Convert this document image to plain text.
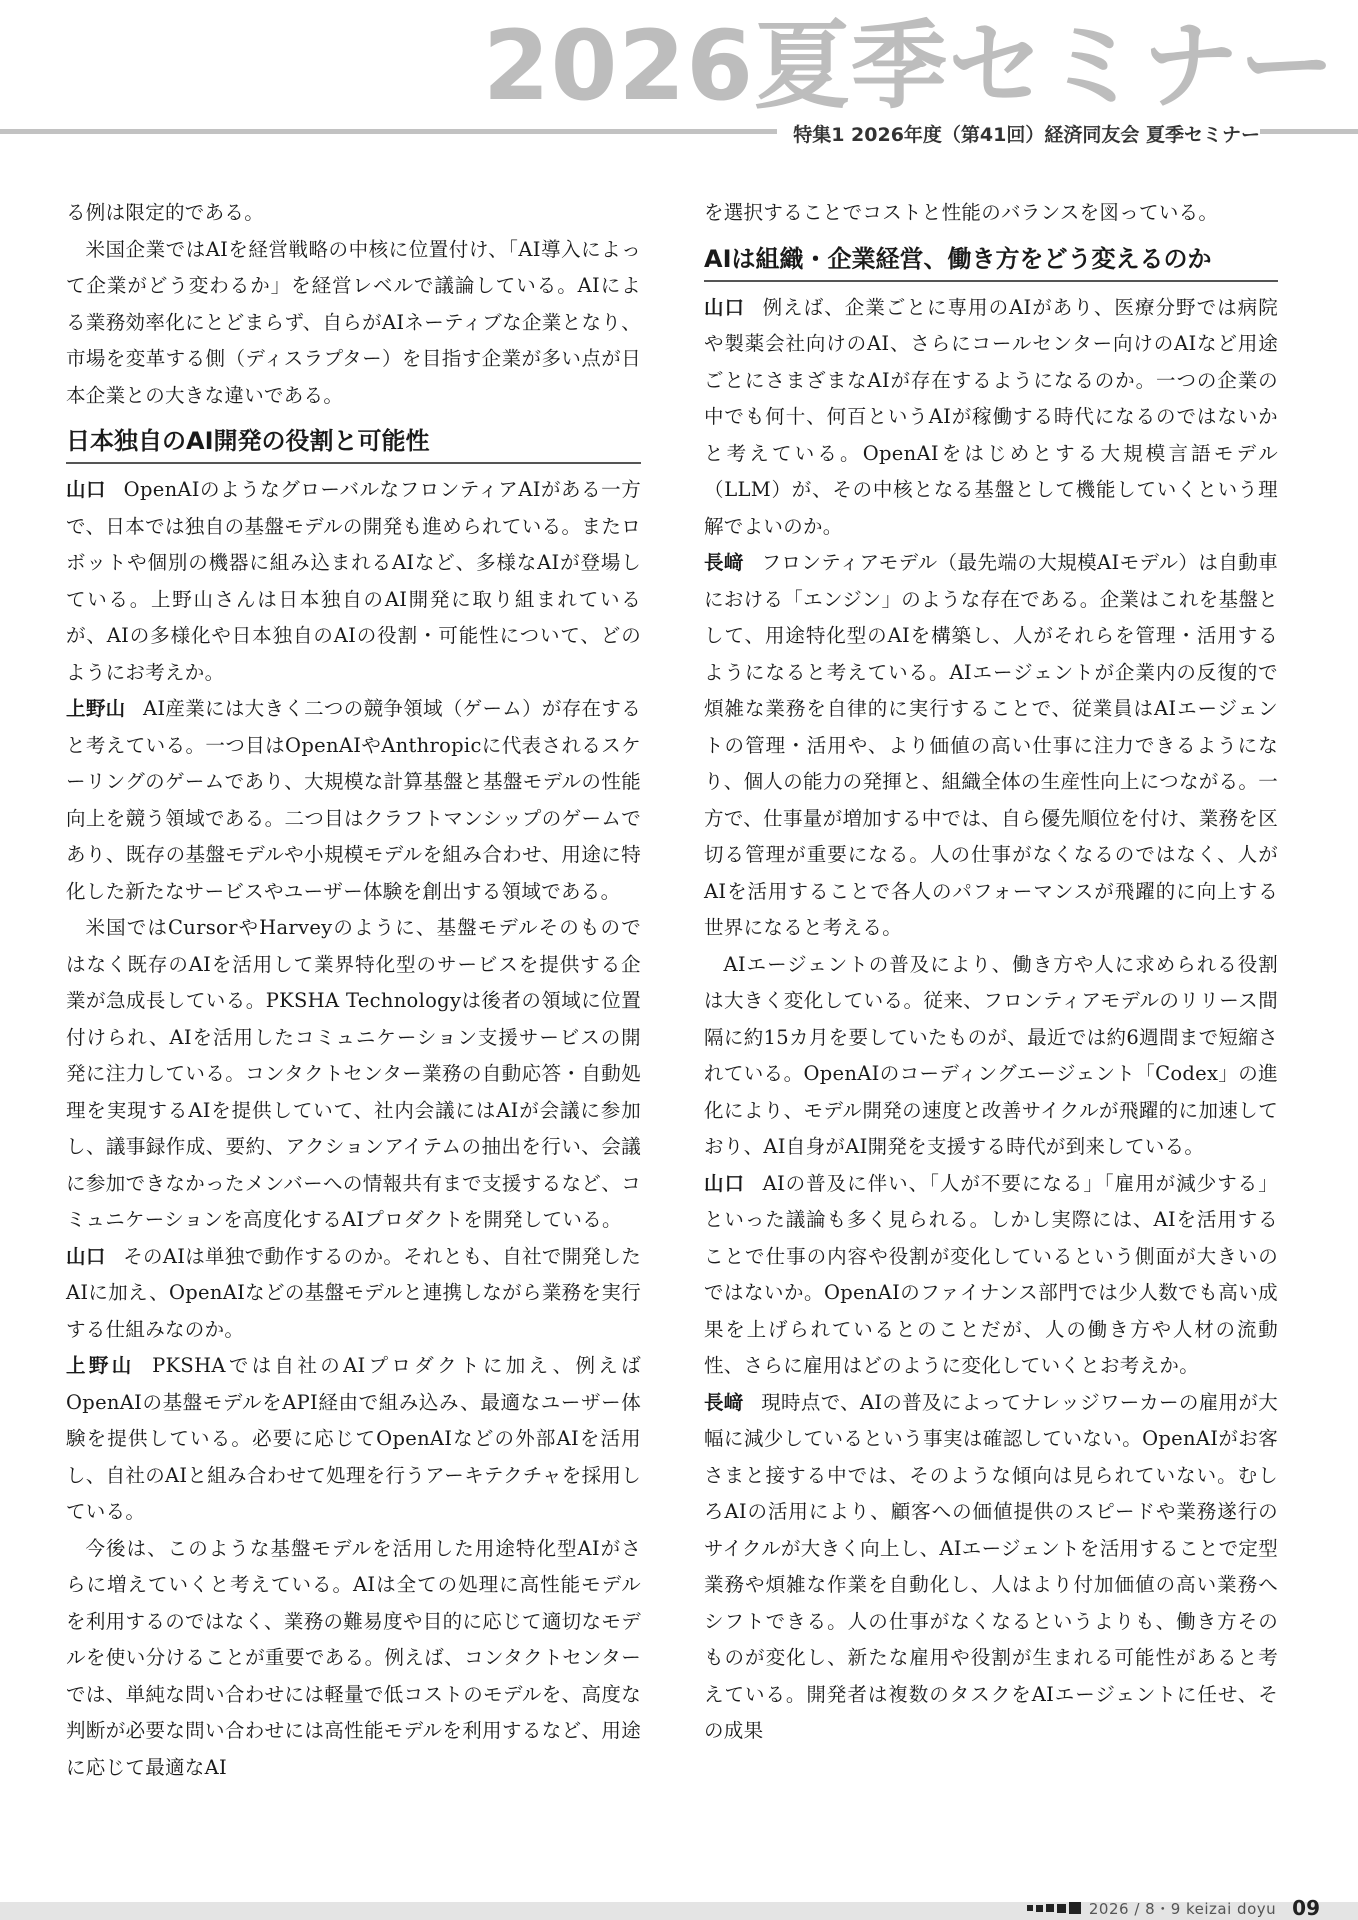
2026夏季セミナー
特集1 2026年度（第41回）経済同友会 夏季セミナー

る例は限定的である。

米国企業ではAIを経営戦略の中核に位置付け、「AI導入によって企業がどう変わるか」を経営レベルで議論している。AIによる業務効率化にとどまらず、自らがAIネーティブな企業となり、市場を変革する側（ディスラプター）を目指す企業が多い点が日本企業との大きな違いである。

日本独自のAI開発の役割と可能性

山口 OpenAIのようなグローバルなフロンティアAIがある一方で、日本では独自の基盤モデルの開発も進められている。またロボットや個別の機器に組み込まれるAIなど、多様なAIが登場している。上野山さんは日本独自のAI開発に取り組まれているが、AIの多様化や日本独自のAIの役割・可能性について、どのようにお考えか。

上野山 AI産業には大きく二つの競争領域（ゲーム）が存在すると考えている。一つ目はOpenAIやAnthropicに代表されるスケーリングのゲームであり、大規模な計算基盤と基盤モデルの性能向上を競う領域である。二つ目はクラフトマンシップのゲームであり、既存の基盤モデルや小規模モデルを組み合わせ、用途に特化した新たなサービスやユーザー体験を創出する領域である。

米国ではCursorやHarveyのように、基盤モデルそのものではなく既存のAIを活用して業界特化型のサービスを提供する企業が急成長している。PKSHA Technologyは後者の領域に位置付けられ、AIを活用したコミュニケーション支援サービスの開発に注力している。コンタクトセンター業務の自動応答・自動処理を実現するAIを提供していて、社内会議にはAIが会議に参加し、議事録作成、要約、アクションアイテムの抽出を行い、会議に参加できなかったメンバーへの情報共有まで支援するなど、コミュニケーションを高度化するAIプロダクトを開発している。

山口 そのAIは単独で動作するのか。それとも、自社で開発したAIに加え、OpenAIなどの基盤モデルと連携しながら業務を実行する仕組みなのか。

上野山 PKSHAでは自社のAIプロダクトに加え、例えばOpenAIの基盤モデルをAPI経由で組み込み、最適なユーザー体験を提供している。必要に応じてOpenAIなどの外部AIを活用し、自社のAIと組み合わせて処理を行うアーキテクチャを採用している。

今後は、このような基盤モデルを活用した用途特化型AIがさらに増えていくと考えている。AIは全ての処理に高性能モデルを利用するのではなく、業務の難易度や目的に応じて適切なモデルを使い分けることが重要である。例えば、コンタクトセンターでは、単純な問い合わせには軽量で低コストのモデルを、高度な判断が必要な問い合わせには高性能モデルを利用するなど、用途に応じて最適なAI

を選択することでコストと性能のバランスを図っている。

AIは組織・企業経営、働き方をどう変えるのか

山口 例えば、企業ごとに専用のAIがあり、医療分野では病院や製薬会社向けのAI、さらにコールセンター向けのAIなど用途ごとにさまざまなAIが存在するようになるのか。一つの企業の中でも何十、何百というAIが稼働する時代になるのではないかと考えている。OpenAIをはじめとする大規模言語モデル（LLM）が、その中核となる基盤として機能していくという理解でよいのか。

長﨑 フロンティアモデル（最先端の大規模AIモデル）は自動車における「エンジン」のような存在である。企業はこれを基盤として、用途特化型のAIを構築し、人がそれらを管理・活用するようになると考えている。AIエージェントが企業内の反復的で煩雑な業務を自律的に実行することで、従業員はAIエージェントの管理・活用や、より価値の高い仕事に注力できるようになり、個人の能力の発揮と、組織全体の生産性向上につながる。一方で、仕事量が増加する中では、自ら優先順位を付け、業務を区切る管理が重要になる。人の仕事がなくなるのではなく、人がAIを活用することで各人のパフォーマンスが飛躍的に向上する世界になると考える。

AIエージェントの普及により、働き方や人に求められる役割は大きく変化している。従来、フロンティアモデルのリリース間隔に約15カ月を要していたものが、最近では約6週間まで短縮されている。OpenAIのコーディングエージェント「Codex」の進化により、モデル開発の速度と改善サイクルが飛躍的に加速しており、AI自身がAI開発を支援する時代が到来している。

山口 AIの普及に伴い、「人が不要になる」「雇用が減少する」といった議論も多く見られる。しかし実際には、AIを活用することで仕事の内容や役割が変化しているという側面が大きいのではないか。OpenAIのファイナンス部門では少人数でも高い成果を上げられているとのことだが、人の働き方や人材の流動性、さらに雇用はどのように変化していくとお考えか。

長﨑 現時点で、AIの普及によってナレッジワーカーの雇用が大幅に減少しているという事実は確認していない。OpenAIがお客さまと接する中では、そのような傾向は見られていない。むしろAIの活用により、顧客への価値提供のスピードや業務遂行のサイクルが大きく向上し、AIエージェントを活用することで定型業務や煩雑な作業を自動化し、人はより付加価値の高い業務へシフトできる。人の仕事がなくなるというよりも、働き方そのものが変化し、新たな雇用や役割が生まれる可能性があると考えている。開発者は複数のタスクをAIエージェントに任せ、その成果

2026 / 8・9 keizai doyu 09
